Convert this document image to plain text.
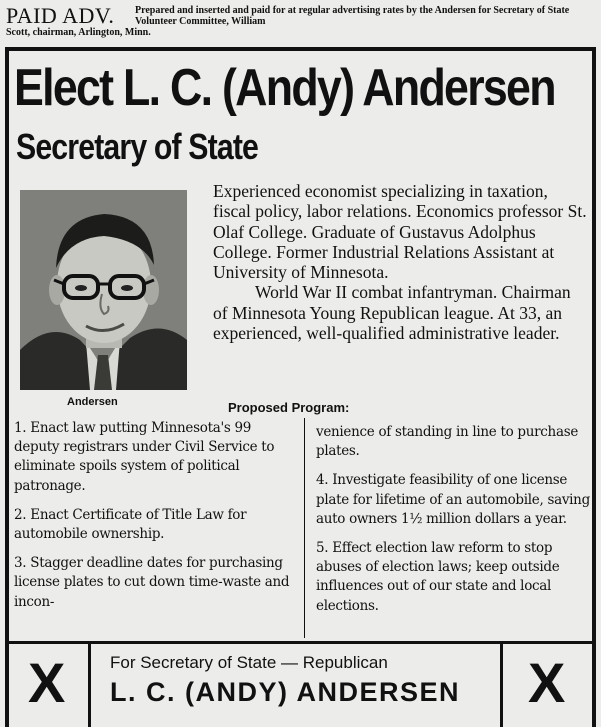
PAID ADV. Prepared and inserted and paid for at regular advertising rates by the Andersen for Secretary of State Volunteer Committee, William
Scott, chairman, Arlington, Minn.
Elect L. C. (Andy) Andersen
Secretary of State
Andersen

Experienced economist specializing in taxation, fiscal policy, labor relations. Economics professor St. Olaf College. Graduate of Gustavus Adolphus College. Former Industrial Relations Assistant at University of Minnesota.

World War II combat infantryman. Chairman of Minnesota Young Republican league. At 33, an experienced, well-qualified administrative leader.

Proposed Program:

1. Enact law putting Minnesota's 99 deputy registrars under Civil Service to eliminate spoils system of political patronage.

2. Enact Certificate of Title Law for automobile ownership.

3. Stagger deadline dates for purchasing license plates to cut down time-waste and incon-

venience of standing in line to purchase plates.

4. Investigate feasibility of one license plate for lifetime of an automobile, saving auto owners 1½ million dollars a year.

5. Effect election law reform to stop abuses of election laws; keep outside influences out of our state and local elections.

X	For Secretary of State — Republican
L. C. (ANDY) ANDERSEN X
